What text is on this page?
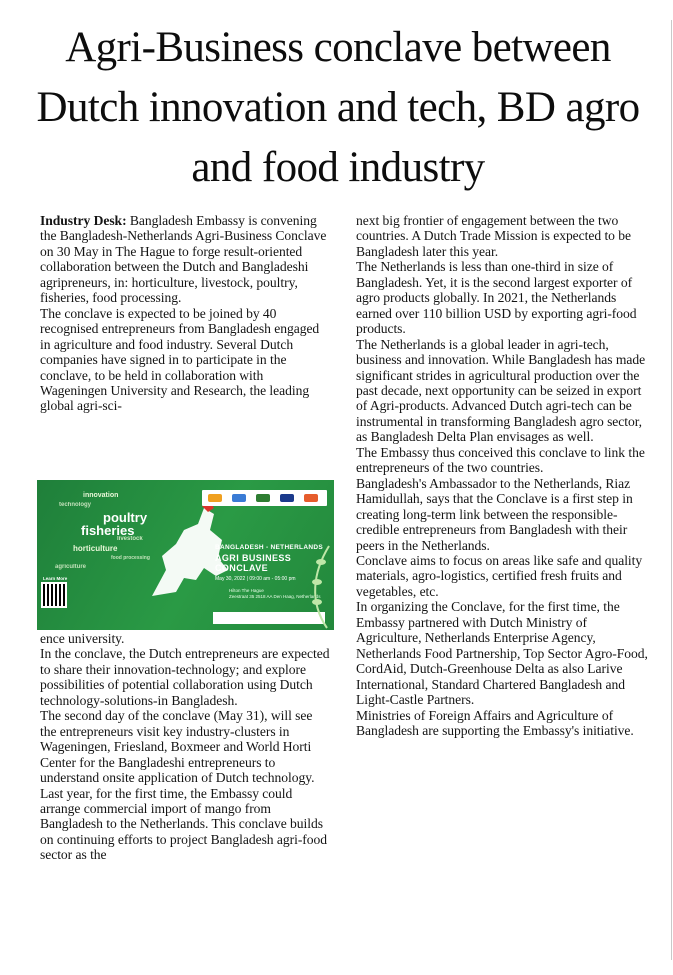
Agri-Business conclave between Dutch innovation and tech, BD agro and food industry

Industry Desk: Bangladesh Embassy is convening the Bangladesh-Netherlands Agri-Business Conclave on 30 May in The Hague to forge result-oriented collaboration between the Dutch and Bangladeshi agripreneurs, in: horticulture, livestock, poultry, fisheries, food processing.

The conclave is expected to be joined by 40 recognised entrepreneurs from Bangladesh engaged in agriculture and food industry. Several Dutch companies have signed in to participate in the conclave, to be held in collaboration with Wageningen University and Research, the leading global agri-sci-

innovation
technology
poultry
fisheries
horticulture
livestock
food processing
agriculture
BANGLADESH - NETHERLANDS
AGRI BUSINESS CONCLAVE
May 30, 2022 | 09:00 am - 05:00 pm
Hilton The Hague
Zeestraat 35 2518 AA Den Haag, Netherlands
Learn More

ence university.

In the conclave, the Dutch entrepreneurs are expected to share their innovation-technology; and explore possibilities of potential collaboration using Dutch technology-solutions-in Bangladesh.

The second day of the conclave (May 31), will see the entrepreneurs visit key industry-clusters in Wageningen, Friesland, Boxmeer and World Horti Center for the Bangladeshi entrepreneurs to understand onsite application of Dutch technology.

Last year, for the first time, the Embassy could arrange commercial import of mango from Bangladesh to the Netherlands. This conclave builds on continuing efforts to project Bangladesh agri-food sector as the

next big frontier of engagement between the two countries. A Dutch Trade Mission is expected to be Bangladesh later this year.

The Netherlands is less than one-third in size of Bangladesh. Yet, it is the second largest exporter of agro products globally. In 2021, the Netherlands earned over 110 billion USD by exporting agri-food products.

The Netherlands is a global leader in agri-tech, business and innovation. While Bangladesh has made significant strides in agricultural production over the past decade, next opportunity can be seized in export of Agri-products. Advanced Dutch agri-tech can be instrumental in transforming Bangladesh agro sector, as Bangladesh Delta Plan envisages as well.

The Embassy thus conceived this conclave to link the entrepreneurs of the two countries.

Bangladesh's Ambassador to the Netherlands, Riaz Hamidullah, says that the Conclave is a first step in creating long-term link between the responsible-credible entrepreneurs from Bangladesh with their peers in the Netherlands.

Conclave aims to focus on areas like safe and quality materials, agro-logistics, certified fresh fruits and vegetables, etc.

In organizing the Conclave, for the first time, the Embassy partnered with Dutch Ministry of Agriculture, Netherlands Enterprise Agency, Netherlands Food Partnership, Top Sector Agro-Food, CordAid, Dutch-Greenhouse Delta as also Larive International, Standard Chartered Bangladesh and Light-Castle Partners.

Ministries of Foreign Affairs and Agriculture of Bangladesh are supporting the Embassy's initiative.
